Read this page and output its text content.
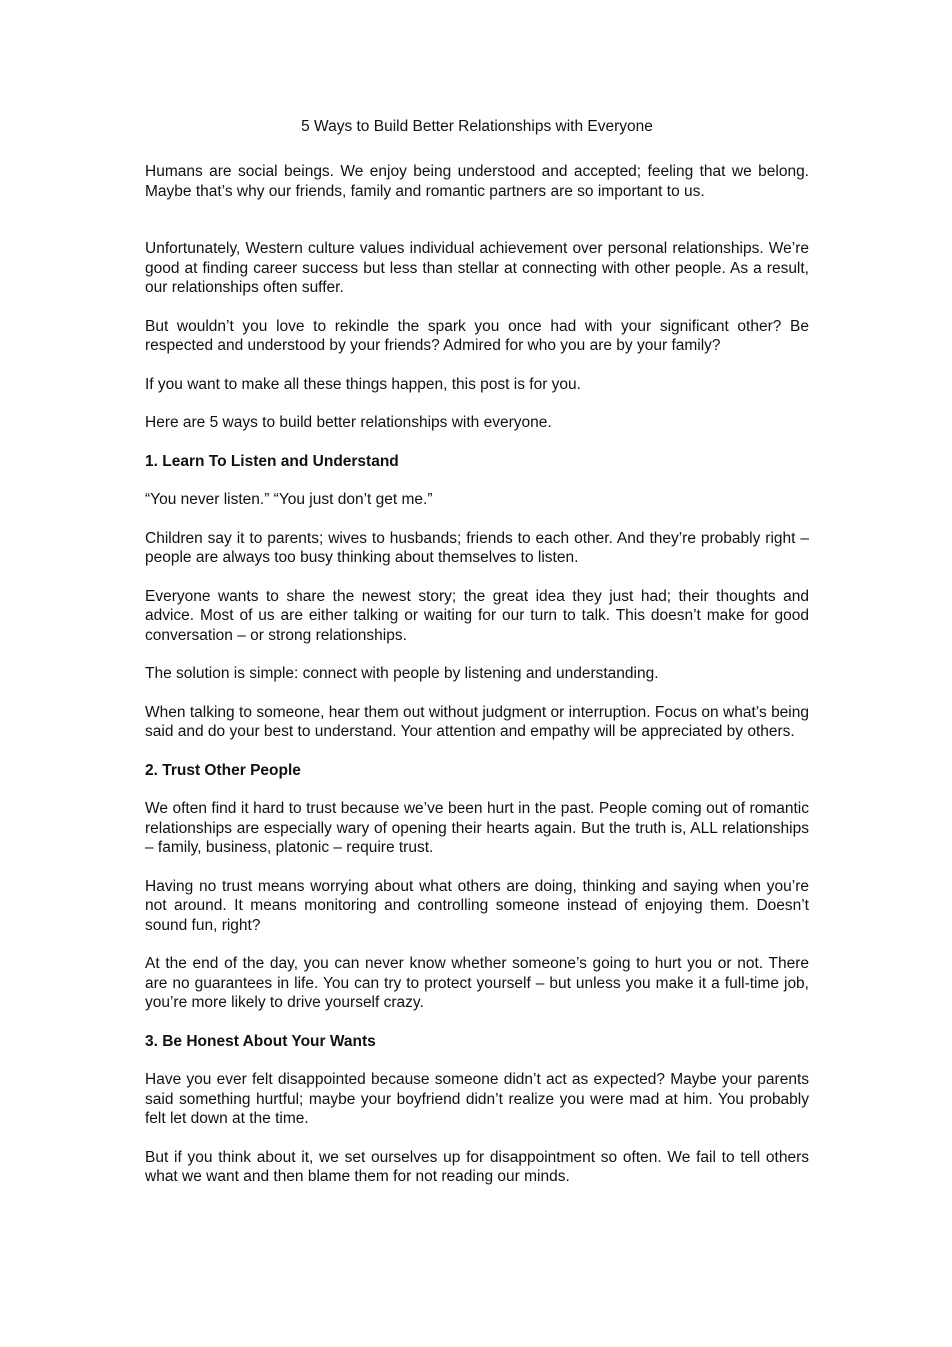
5 Ways to Build Better Relationships with Everyone

Humans are social beings. We enjoy being understood and accepted; feeling that we belong. Maybe that’s why our friends, family and romantic partners are so important to us.

Unfortunately, Western culture values individual achievement over personal relationships. We’re good at finding career success but less than stellar at connecting with other people. As a result, our relationships often suffer.

But wouldn’t you love to rekindle the spark you once had with your significant other? Be respected and understood by your friends? Admired for who you are by your family?

If you want to make all these things happen, this post is for you.

Here are 5 ways to build better relationships with everyone.

1. Learn To Listen and Understand

“You never listen.” “You just don’t get me.”

Children say it to parents; wives to husbands; friends to each other. And they’re probably right – people are always too busy thinking about themselves to listen.

Everyone wants to share the newest story; the great idea they just had; their thoughts and advice. Most of us are either talking or waiting for our turn to talk. This doesn’t make for good conversation – or strong relationships.

The solution is simple: connect with people by listening and understanding.

When talking to someone, hear them out without judgment or interruption. Focus on what’s being said and do your best to understand. Your attention and empathy will be appreciated by others.

2. Trust Other People

We often find it hard to trust because we’ve been hurt in the past. People coming out of romantic relationships are especially wary of opening their hearts again. But the truth is, ALL relationships – family, business, platonic – require trust.

Having no trust means worrying about what others are doing, thinking and saying when you’re not around. It means monitoring and controlling someone instead of enjoying them. Doesn’t sound fun, right?

At the end of the day, you can never know whether someone’s going to hurt you or not. There are no guarantees in life. You can try to protect yourself – but unless you make it a full-time job, you’re more likely to drive yourself crazy.

3. Be Honest About Your Wants

Have you ever felt disappointed because someone didn’t act as expected? Maybe your parents said something hurtful; maybe your boyfriend didn’t realize you were mad at him. You probably felt let down at the time.

But if you think about it, we set ourselves up for disappointment so often. We fail to tell others what we want and then blame them for not reading our minds.
